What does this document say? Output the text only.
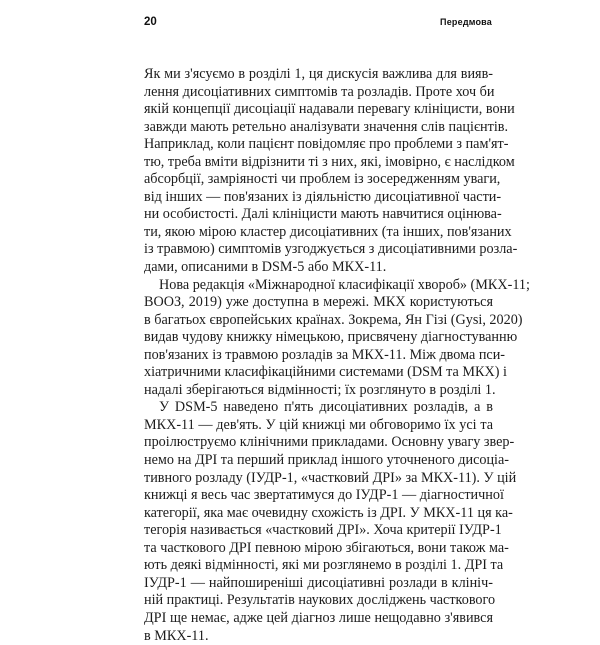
20	Передмова
Як ми з'ясуємо в розділі 1, ця дискусія важлива для вияв-
лення дисоціативних симптомів та розладів. Проте хоч би
якій концепції дисоціації надавали перевагу клініцисти, вони
завжди мають ретельно аналізувати значення слів пацієнтів.
Наприклад, коли пацієнт повідомляє про проблеми з пам'ят-
тю, треба вміти відрізнити ті з них, які, імовірно, є наслідком
абсорбції, замріяності чи проблем із зосередженням уваги,
від інших — пов'язаних із діяльністю дисоціативної части-
ни особистості. Далі клініцисти мають навчитися оцінюва-
ти, якою мірою кластер дисоціативних (та інших, пов'язаних
із травмою) симптомів узгоджується з дисоціативними розла-
дами, описаними в DSM-5 або МКХ-11.
Нова редакція «Міжнародної класифікації хвороб» (МКХ-11;
ВООЗ, 2019) уже доступна в мережі. МКХ користуються
в багатьох європейських країнах. Зокрема, Ян Гізі (Gysi, 2020)
видав чудову книжку німецькою, присвячену діагностуванню
пов'язаних із травмою розладів за МКХ-11. Між двома пси-
хіатричними класифікаційними системами (DSM та МКХ) і
надалі зберігаються відмінності; їх розглянуто в розділі 1.
У DSM-5 наведено п'ять дисоціативних розладів, а в
МКХ-11 — дев'ять. У цій книжці ми обговоримо їх усі та
проілюструємо клінічними прикладами. Основну увагу звер-
немо на ДРІ та перший приклад іншого уточненого дисоціа-
тивного розладу (ІУДР-1, «частковий ДРІ» за МКХ-11). У цій
книжці я весь час звертатимуся до ІУДР-1 — діагностичної
категорії, яка має очевидну схожість із ДРІ. У МКХ-11 ця ка-
тегорія називається «частковий ДРІ». Хоча критерії ІУДР-1
та часткового ДРІ певною мірою збігаються, вони також ма-
ють деякі відмінності, які ми розглянемо в розділі 1. ДРІ та
ІУДР-1 — найпоширеніші дисоціативні розлади в клініч-
ній практиці. Результатів наукових досліджень часткового
ДРІ ще немає, адже цей діагноз лише нещодавно з'явився
в МКХ-11.
